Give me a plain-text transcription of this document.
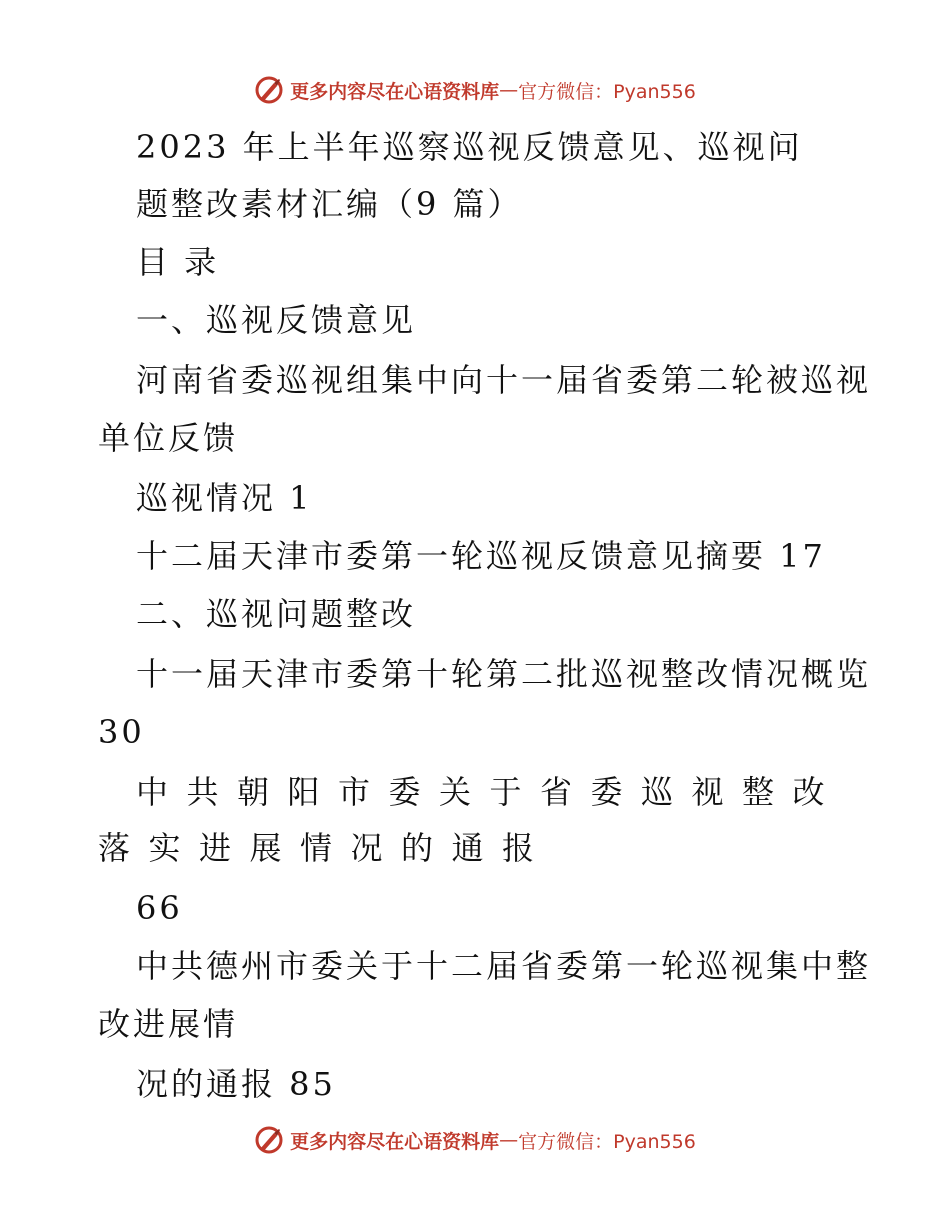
更多内容尽在心语资料库 — 官方微信：Pyan556
2023 年上半年巡察巡视反馈意见、巡视问
题整改素材汇编（9 篇）
目 录
一、巡视反馈意见
河南省委巡视组集中向十一届省委第二轮被巡视
单位反馈
巡视情况 1
十二届天津市委第一轮巡视反馈意见摘要 17
二、巡视问题整改
十一届天津市委第十轮第二批巡视整改情况概览
30
中共朝阳市委关于省委巡视整改
落实进展情况的通报
66
中共德州市委关于十二届省委第一轮巡视集中整
改进展情
况的通报 85
更多内容尽在心语资料库 — 官方微信：Pyan556
